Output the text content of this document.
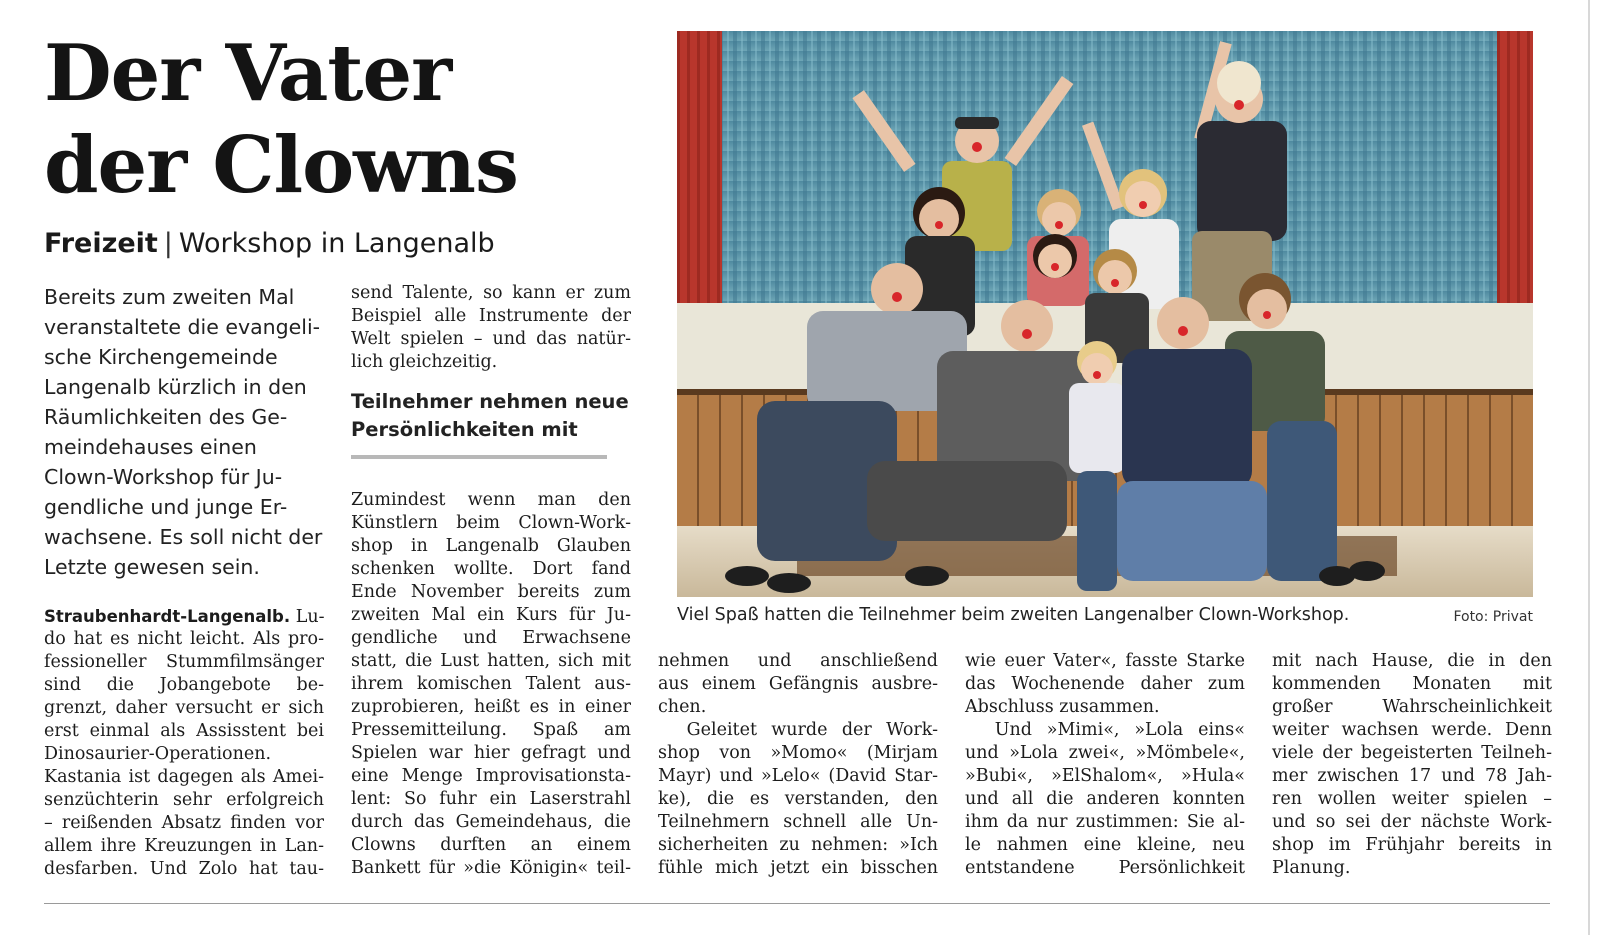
Der Vater
der Clowns
Freizeit | Workshop in Langenalb
Bereits zum zweiten Mal
veranstaltete die evangeli-
sche Kirchengemeinde
Langenalb kürzlich in den
Räumlichkeiten des Ge-
meindehauses einen
Clown-Workshop für Ju-
gendliche und junge Er-
wachsene. Es soll nicht der
Letzte gewesen sein.
Straubenhardt-Langenalb. Lu-
do hat es nicht leicht. Als pro-
fessioneller Stummfilmsänger
sind die Jobangebote be-
grenzt, daher versucht er sich
erst einmal als Assisstent bei
Dinosaurier-Operationen.
Kastania ist dagegen als Amei-
senzüchterin sehr erfolgreich
– reißenden Absatz finden vor
allem ihre Kreuzungen in Lan-
desfarben. Und Zolo hat tau-
send Talente, so kann er zum
Beispiel alle Instrumente der
Welt spielen – und das natür-
lich gleichzeitig.
Teilnehmer nehmen neue
Persönlichkeiten mit
Zumindest wenn man den
Künstlern beim Clown-Work-
shop in Langenalb Glauben
schenken wollte. Dort fand
Ende November bereits zum
zweiten Mal ein Kurs für Ju-
gendliche und Erwachsene
statt, die Lust hatten, sich mit
ihrem komischen Talent aus-
zuprobieren, heißt es in einer
Pressemitteilung. Spaß am
Spielen war hier gefragt und
eine Menge Improvisationsta-
lent: So fuhr ein Laserstrahl
durch das Gemeindehaus, die
Clowns durften an einem
Bankett für »die Königin« teil-
Viel Spaß hatten die Teilnehmer beim zweiten Langenalber Clown-Workshop.	Foto: Privat
nehmen und anschließend
aus einem Gefängnis ausbre-
chen.
Geleitet wurde der Work-
shop von »Momo« (Mirjam
Mayr) und »Lelo« (David Star-
ke), die es verstanden, den
Teilnehmern schnell alle Un-
sicherheiten zu nehmen: »Ich
fühle mich jetzt ein bisschen
wie euer Vater«, fasste Starke
das Wochenende daher zum
Abschluss zusammen.
Und »Mimi«, »Lola eins«
und »Lola zwei«, »Mömbele«,
»Bubi«, »ElShalom«, »Hula«
und all die anderen konnten
ihm da nur zustimmen: Sie al-
le nahmen eine kleine, neu
entstandene Persönlichkeit
mit nach Hause, die in den
kommenden Monaten mit
großer Wahrscheinlichkeit
weiter wachsen werde. Denn
viele der begeisterten Teilneh-
mer zwischen 17 und 78 Jah-
ren wollen weiter spielen –
und so sei der nächste Work-
shop im Frühjahr bereits in
Planung.
